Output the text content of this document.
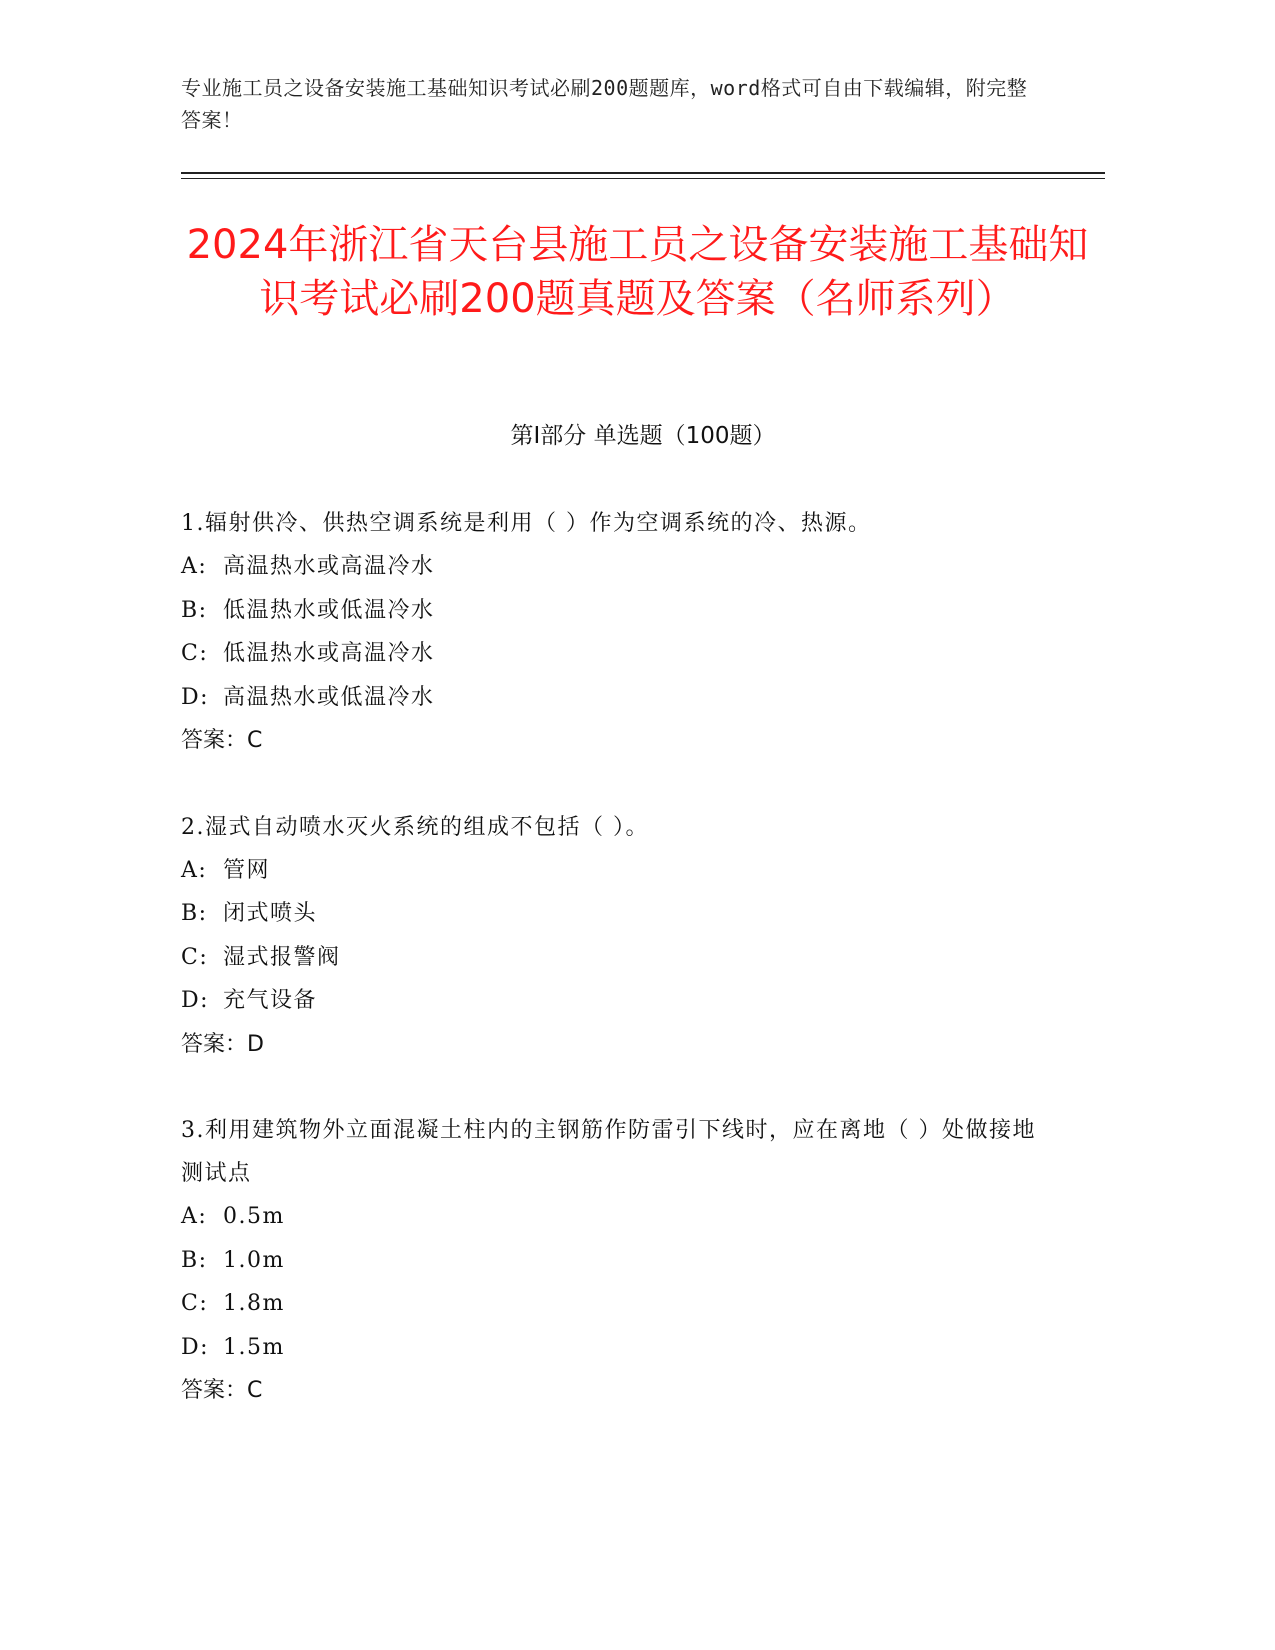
专业施工员之设备安装施工基础知识考试必刷200题题库，word格式可自由下载编辑，附完整答案！
2024年浙江省天台县施工员之设备安装施工基础知识考试必刷200题真题及答案（名师系列）
第Ⅰ部分 单选题（100题）
1.辐射供冷、供热空调系统是利用（ ）作为空调系统的冷、热源。
A: 高温热水或高温冷水
B: 低温热水或低温冷水
C: 低温热水或高温冷水
D: 高温热水或低温冷水
答案：C
2.湿式自动喷水灭火系统的组成不包括（ ）。
A: 管网
B: 闭式喷头
C: 湿式报警阀
D: 充气设备
答案：D
3.利用建筑物外立面混凝土柱内的主钢筋作防雷引下线时，应在离地（ ）处做接地测试点
A: 0.5m
B: 1.0m
C: 1.8m
D: 1.5m
答案：C
